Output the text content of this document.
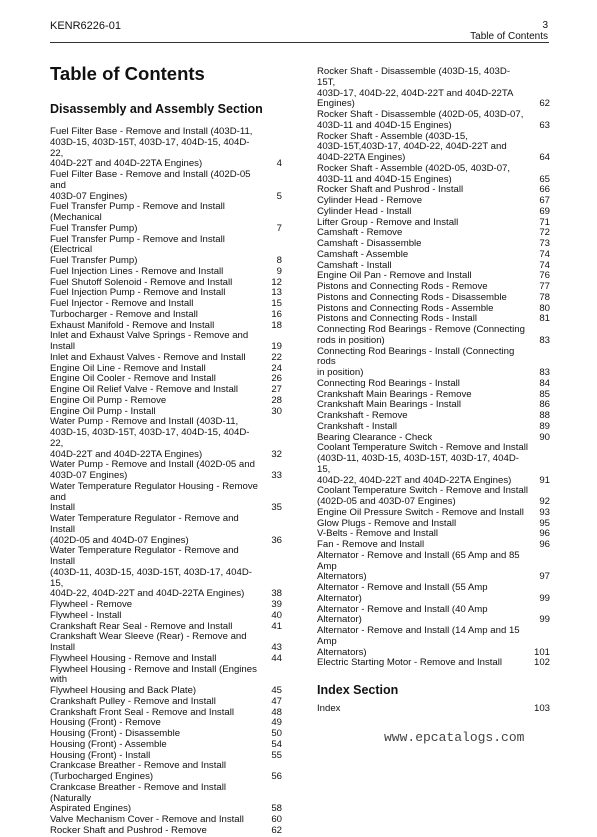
KENR6226-01	3
Table of Contents
Table of Contents
Disassembly and Assembly Section
Fuel Filter Base - Remove and Install (403D-11,
403D-15, 403D-15T, 403D-17, 404D-15, 404D-22,
404D-22T and 404D-22TA Engines)	4
Fuel Filter Base - Remove and Install (402D-05 and
403D-07 Engines)	5
Fuel Transfer Pump - Remove and Install (Mechanical
Fuel Transfer Pump)	7
Fuel Transfer Pump - Remove and Install (Electrical
Fuel Transfer Pump)	8
Fuel Injection Lines - Remove and Install	9
Fuel Shutoff Solenoid - Remove and Install	12
Fuel Injection Pump - Remove and Install	13
Fuel Injector - Remove and Install	15
Turbocharger - Remove and Install	16
Exhaust Manifold - Remove and Install	18
Inlet and Exhaust Valve Springs - Remove and
Install	19
Inlet and Exhaust Valves - Remove and Install	22
Engine Oil Line - Remove and Install	24
Engine Oil Cooler - Remove and Install	26
Engine Oil Relief Valve - Remove and Install	27
Engine Oil Pump - Remove	28
Engine Oil Pump - Install	30
Water Pump - Remove and Install (403D-11,
403D-15, 403D-15T, 403D-17, 404D-15, 404D-22,
404D-22T and 404D-22TA Engines)	32
Water Pump - Remove and Install (402D-05 and
403D-07 Engines)	33
Water Temperature Regulator Housing - Remove and
Install	35
Water Temperature Regulator - Remove and Install
(402D-05 and 404D-07 Engines)	36
Water Temperature Regulator - Remove and Install
(403D-11, 403D-15, 403D-15T, 403D-17, 404D-15,
404D-22, 404D-22T and 404D-22TA Engines)	38
Flywheel - Remove	39
Flywheel - Install	40
Crankshaft Rear Seal - Remove and Install	41
Crankshaft Wear Sleeve (Rear) - Remove and
Install	43
Flywheel Housing - Remove and Install	44
Flywheel Housing - Remove and Install (Engines with
Flywheel Housing and Back Plate)	45
Crankshaft Pulley - Remove and Install	47
Crankshaft Front Seal - Remove and Install	48
Housing (Front) - Remove	49
Housing (Front) - Disassemble	50
Housing (Front) - Assemble	54
Housing (Front) - Install	55
Crankcase Breather - Remove and Install
(Turbocharged Engines)	56
Crankcase Breather - Remove and Install (Naturally
Aspirated Engines)	58
Valve Mechanism Cover - Remove and Install	60
Rocker Shaft and Pushrod - Remove	62
Rocker Shaft - Disassemble (403D-15, 403D-15T,
403D-17, 404D-22, 404D-22T and 404D-22TA
Engines)	62
Rocker Shaft - Disassemble (402D-05, 403D-07,
403D-11 and 404D-15 Engines)	63
Rocker Shaft - Assemble (403D-15,
403D-15T,403D-17, 404D-22, 404D-22T and
404D-22TA Engines)	64
Rocker Shaft - Assemble (402D-05, 403D-07,
403D-11 and 404D-15 Engines)	65
Rocker Shaft and Pushrod - Install	66
Cylinder Head - Remove	67
Cylinder Head - Install	69
Lifter Group - Remove and Install	71
Camshaft - Remove	72
Camshaft - Disassemble	73
Camshaft - Assemble	74
Camshaft - Install	74
Engine Oil Pan - Remove and Install	76
Pistons and Connecting Rods - Remove	77
Pistons and Connecting Rods - Disassemble	78
Pistons and Connecting Rods - Assemble	80
Pistons and Connecting Rods - Install	81
Connecting Rod Bearings - Remove (Connecting
rods in position)	83
Connecting Rod Bearings - Install (Connecting rods
in position)	83
Connecting Rod Bearings - Install	84
Crankshaft Main Bearings - Remove	85
Crankshaft Main Bearings - Install	86
Crankshaft - Remove	88
Crankshaft - Install	89
Bearing Clearance - Check	90
Coolant Temperature Switch - Remove and Install
(403D-11, 403D-15, 403D-15T, 403D-17, 404D-15,
404D-22, 404D-22T and 404D-22TA Engines)	91
Coolant Temperature Switch - Remove and Install
(402D-05 and 403D-07 Engines)	92
Engine Oil Pressure Switch - Remove and Install	93
Glow Plugs - Remove and Install	95
V-Belts - Remove and Install	96
Fan - Remove and Install	96
Alternator - Remove and Install (65 Amp and 85 Amp
Alternators)	97
Alternator - Remove and Install (55 Amp
Alternator)	99
Alternator - Remove and Install (40 Amp
Alternator)	99
Alternator - Remove and Install (14 Amp and 15 Amp
Alternators)	101
Electric Starting Motor - Remove and Install	102
Index Section
Index	103
www.epcatalogs.com
